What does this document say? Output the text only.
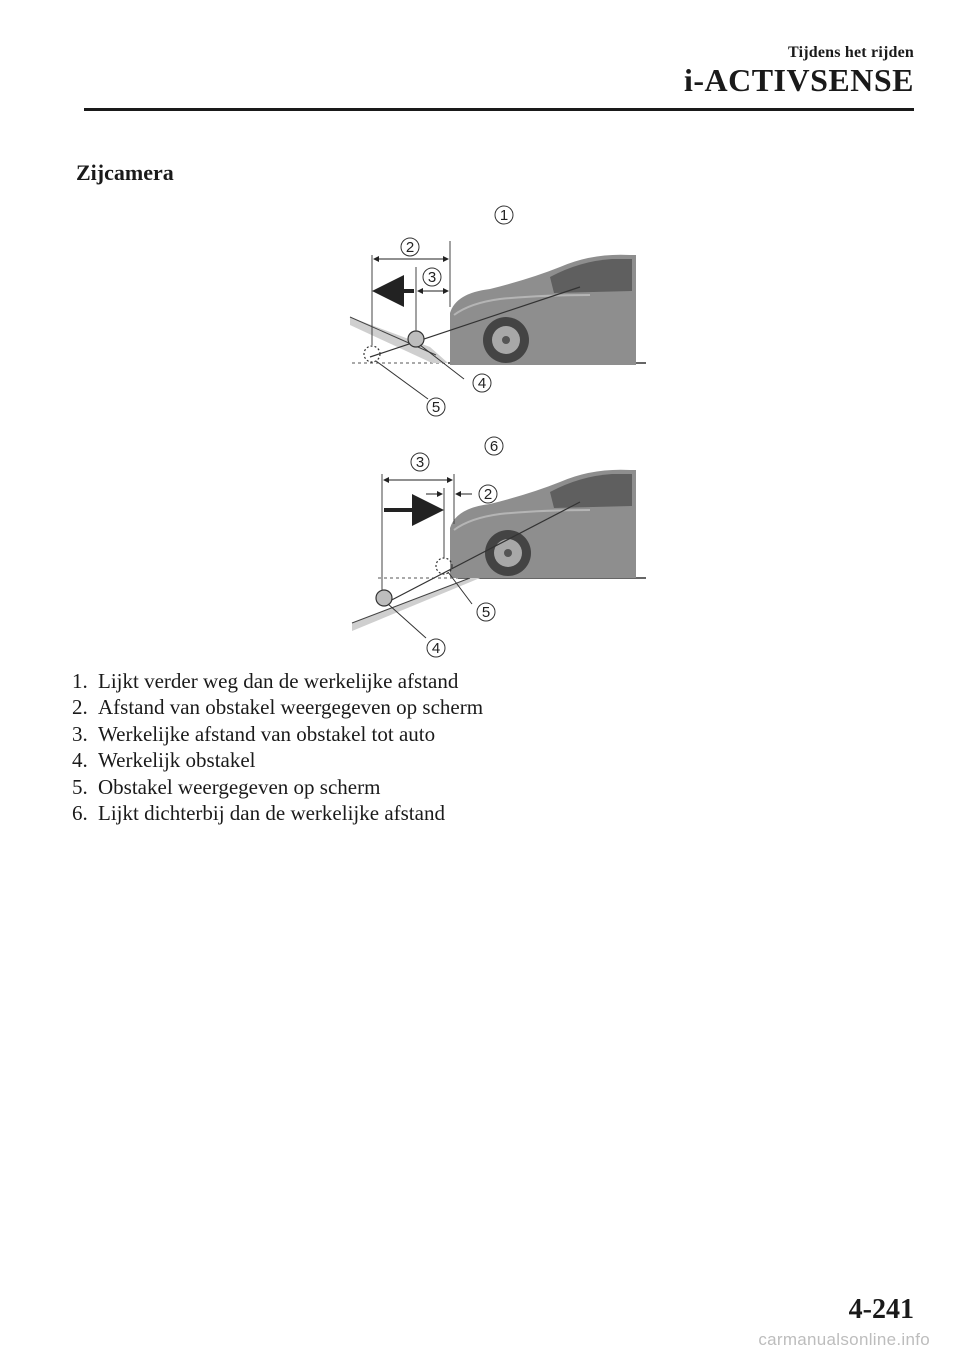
Tijdens het rijden
i-ACTIVSENSE
Zijcamera
1
2
3
4
5
6
3
2
5
4
1. Lijkt verder weg dan de werkelijke afstand
2. Afstand van obstakel weergegeven op scherm
3. Werkelijke afstand van obstakel tot auto
4. Werkelijk obstakel
5. Obstakel weergegeven op scherm
6. Lijkt dichterbij dan de werkelijke afstand
4-241
carmanualsonline.info
